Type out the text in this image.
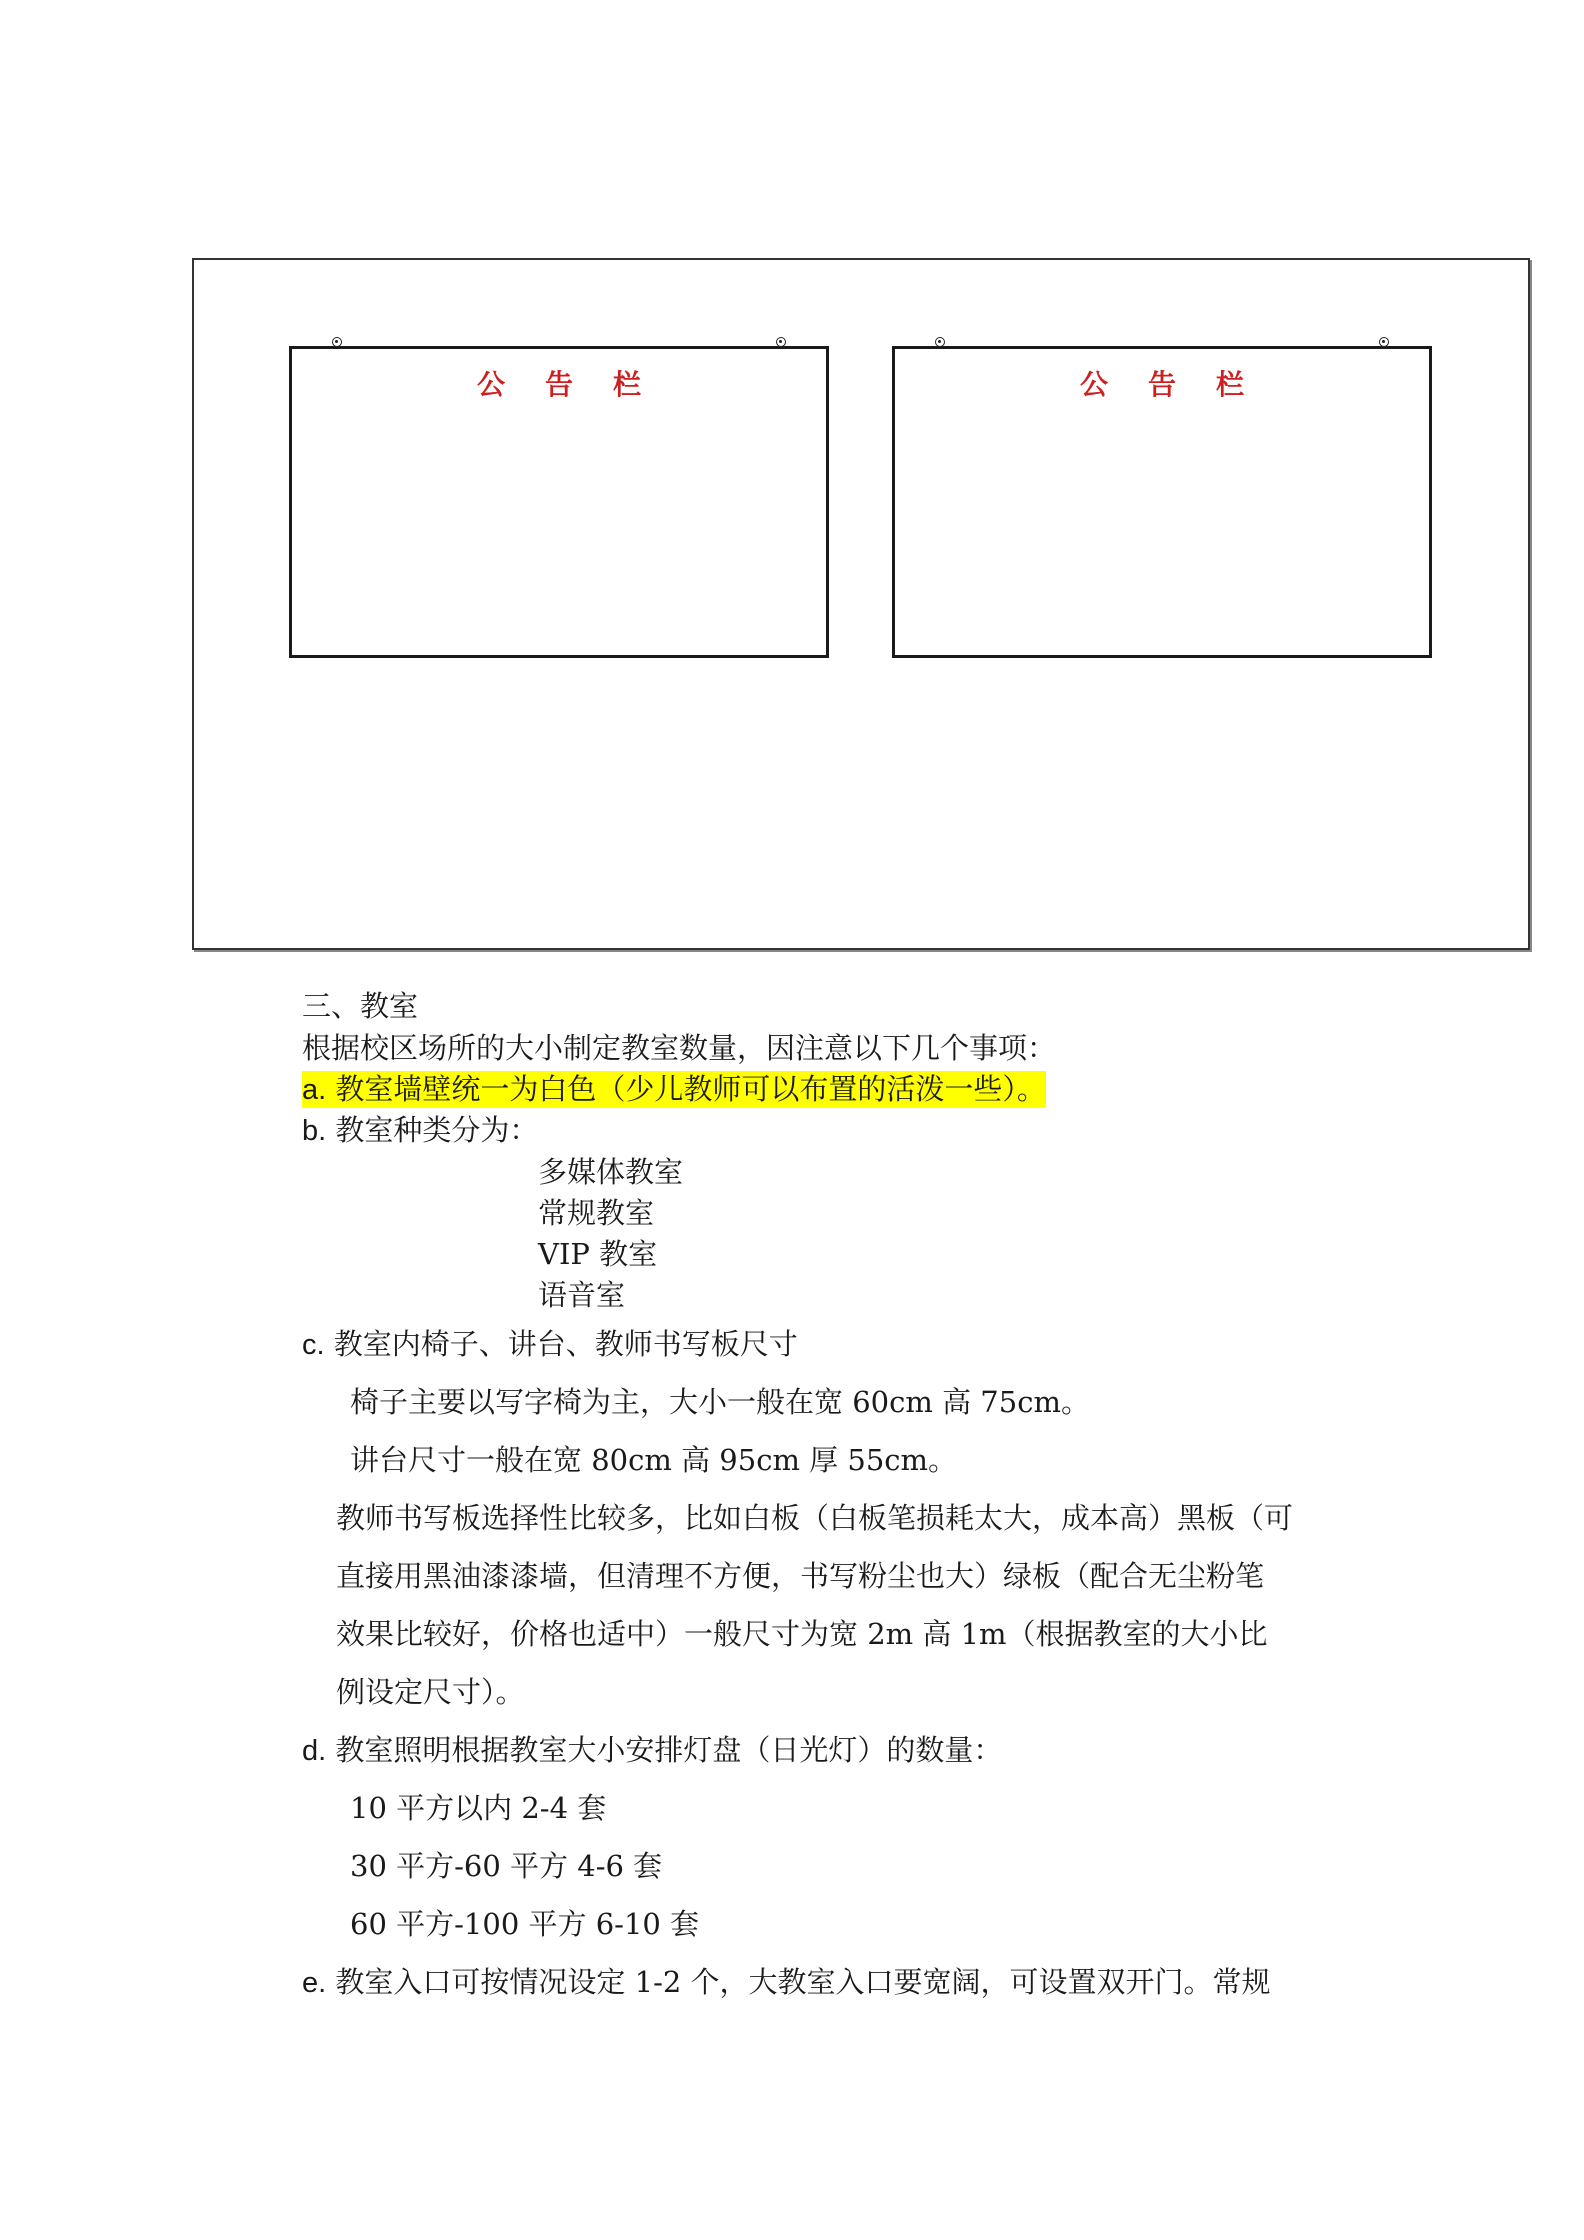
公告栏	公告栏
三、教室
根据校区场所的大小制定教室数量，因注意以下几个事项：
a. 教室墙壁统一为白色（少儿教师可以布置的活泼一些）。
b. 教室种类分为：
多媒体教室
常规教室
VIP 教室
语音室
c. 教室内椅子、讲台、教师书写板尺寸
椅子主要以写字椅为主，大小一般在宽 60cm 高 75cm。
讲台尺寸一般在宽 80cm 高 95cm 厚 55cm。
教师书写板选择性比较多，比如白板（白板笔损耗太大，成本高）黑板（可
直接用黑油漆漆墙，但清理不方便，书写粉尘也大）绿板（配合无尘粉笔
效果比较好，价格也适中）一般尺寸为宽 2m 高 1m（根据教室的大小比
例设定尺寸）。
d. 教室照明根据教室大小安排灯盘（日光灯）的数量：
10 平方以内 2-4 套
30 平方-60 平方 4-6 套
60 平方-100 平方 6-10 套
e. 教室入口可按情况设定 1-2 个，大教室入口要宽阔，可设置双开门。常规
